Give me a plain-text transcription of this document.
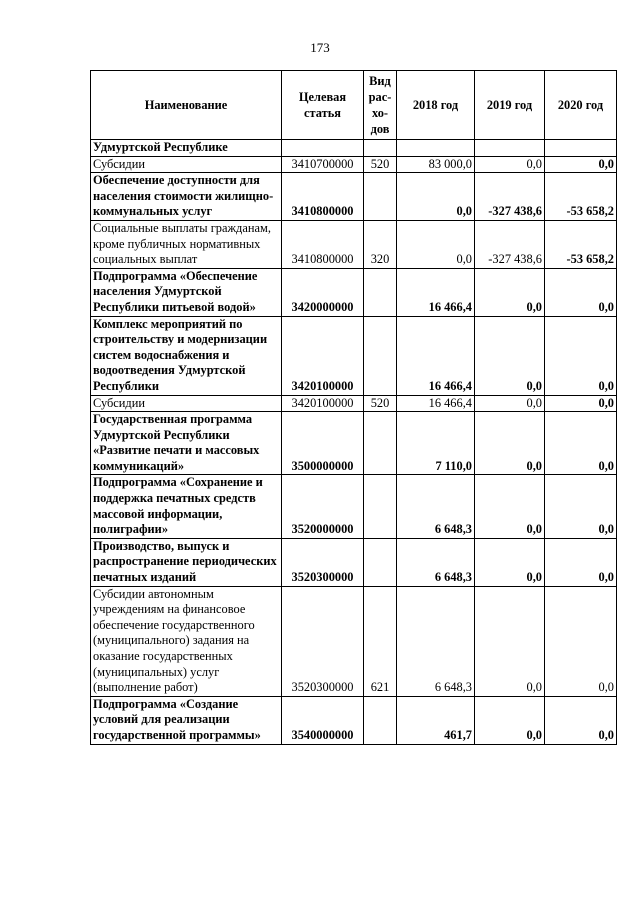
173
Наименование	Целевая статья	Вид рас-хо-дов	2018 год	2019 год	2020 год
Удмуртской Республике					
Субсидии	3410700000	520	83 000,0	0,0	0,0
Обеспечение доступности для населения стоимости жилищно-коммунальных услуг	3410800000		0,0	-327 438,6	-53 658,2
Социальные выплаты гражданам, кроме публичных нормативных социальных выплат	3410800000	320	0,0	-327 438,6	-53 658,2
Подпрограмма «Обеспечение населения Удмуртской Республики питьевой водой»	3420000000		16 466,4	0,0	0,0
Комплекс мероприятий по строительству и модернизации систем водоснабжения и водоотведения Удмуртской Республики	3420100000		16 466,4	0,0	0,0
Субсидии	3420100000	520	16 466,4	0,0	0,0
Государственная программа Удмуртской Республики «Развитие печати и массовых коммуникаций»	3500000000		7 110,0	0,0	0,0
Подпрограмма «Сохранение и поддержка печатных средств массовой информации, полиграфии»	3520000000		6 648,3	0,0	0,0
Производство, выпуск и распространение периодических печатных изданий	3520300000		6 648,3	0,0	0,0
Субсидии автономным учреждениям на финансовое обеспечение государственного (муниципального) задания на оказание государственных (муниципальных) услуг (выполнение работ)	3520300000	621	6 648,3	0,0	0,0
Подпрограмма «Создание условий для реализации государственной программы»	3540000000		461,7	0,0	0,0
